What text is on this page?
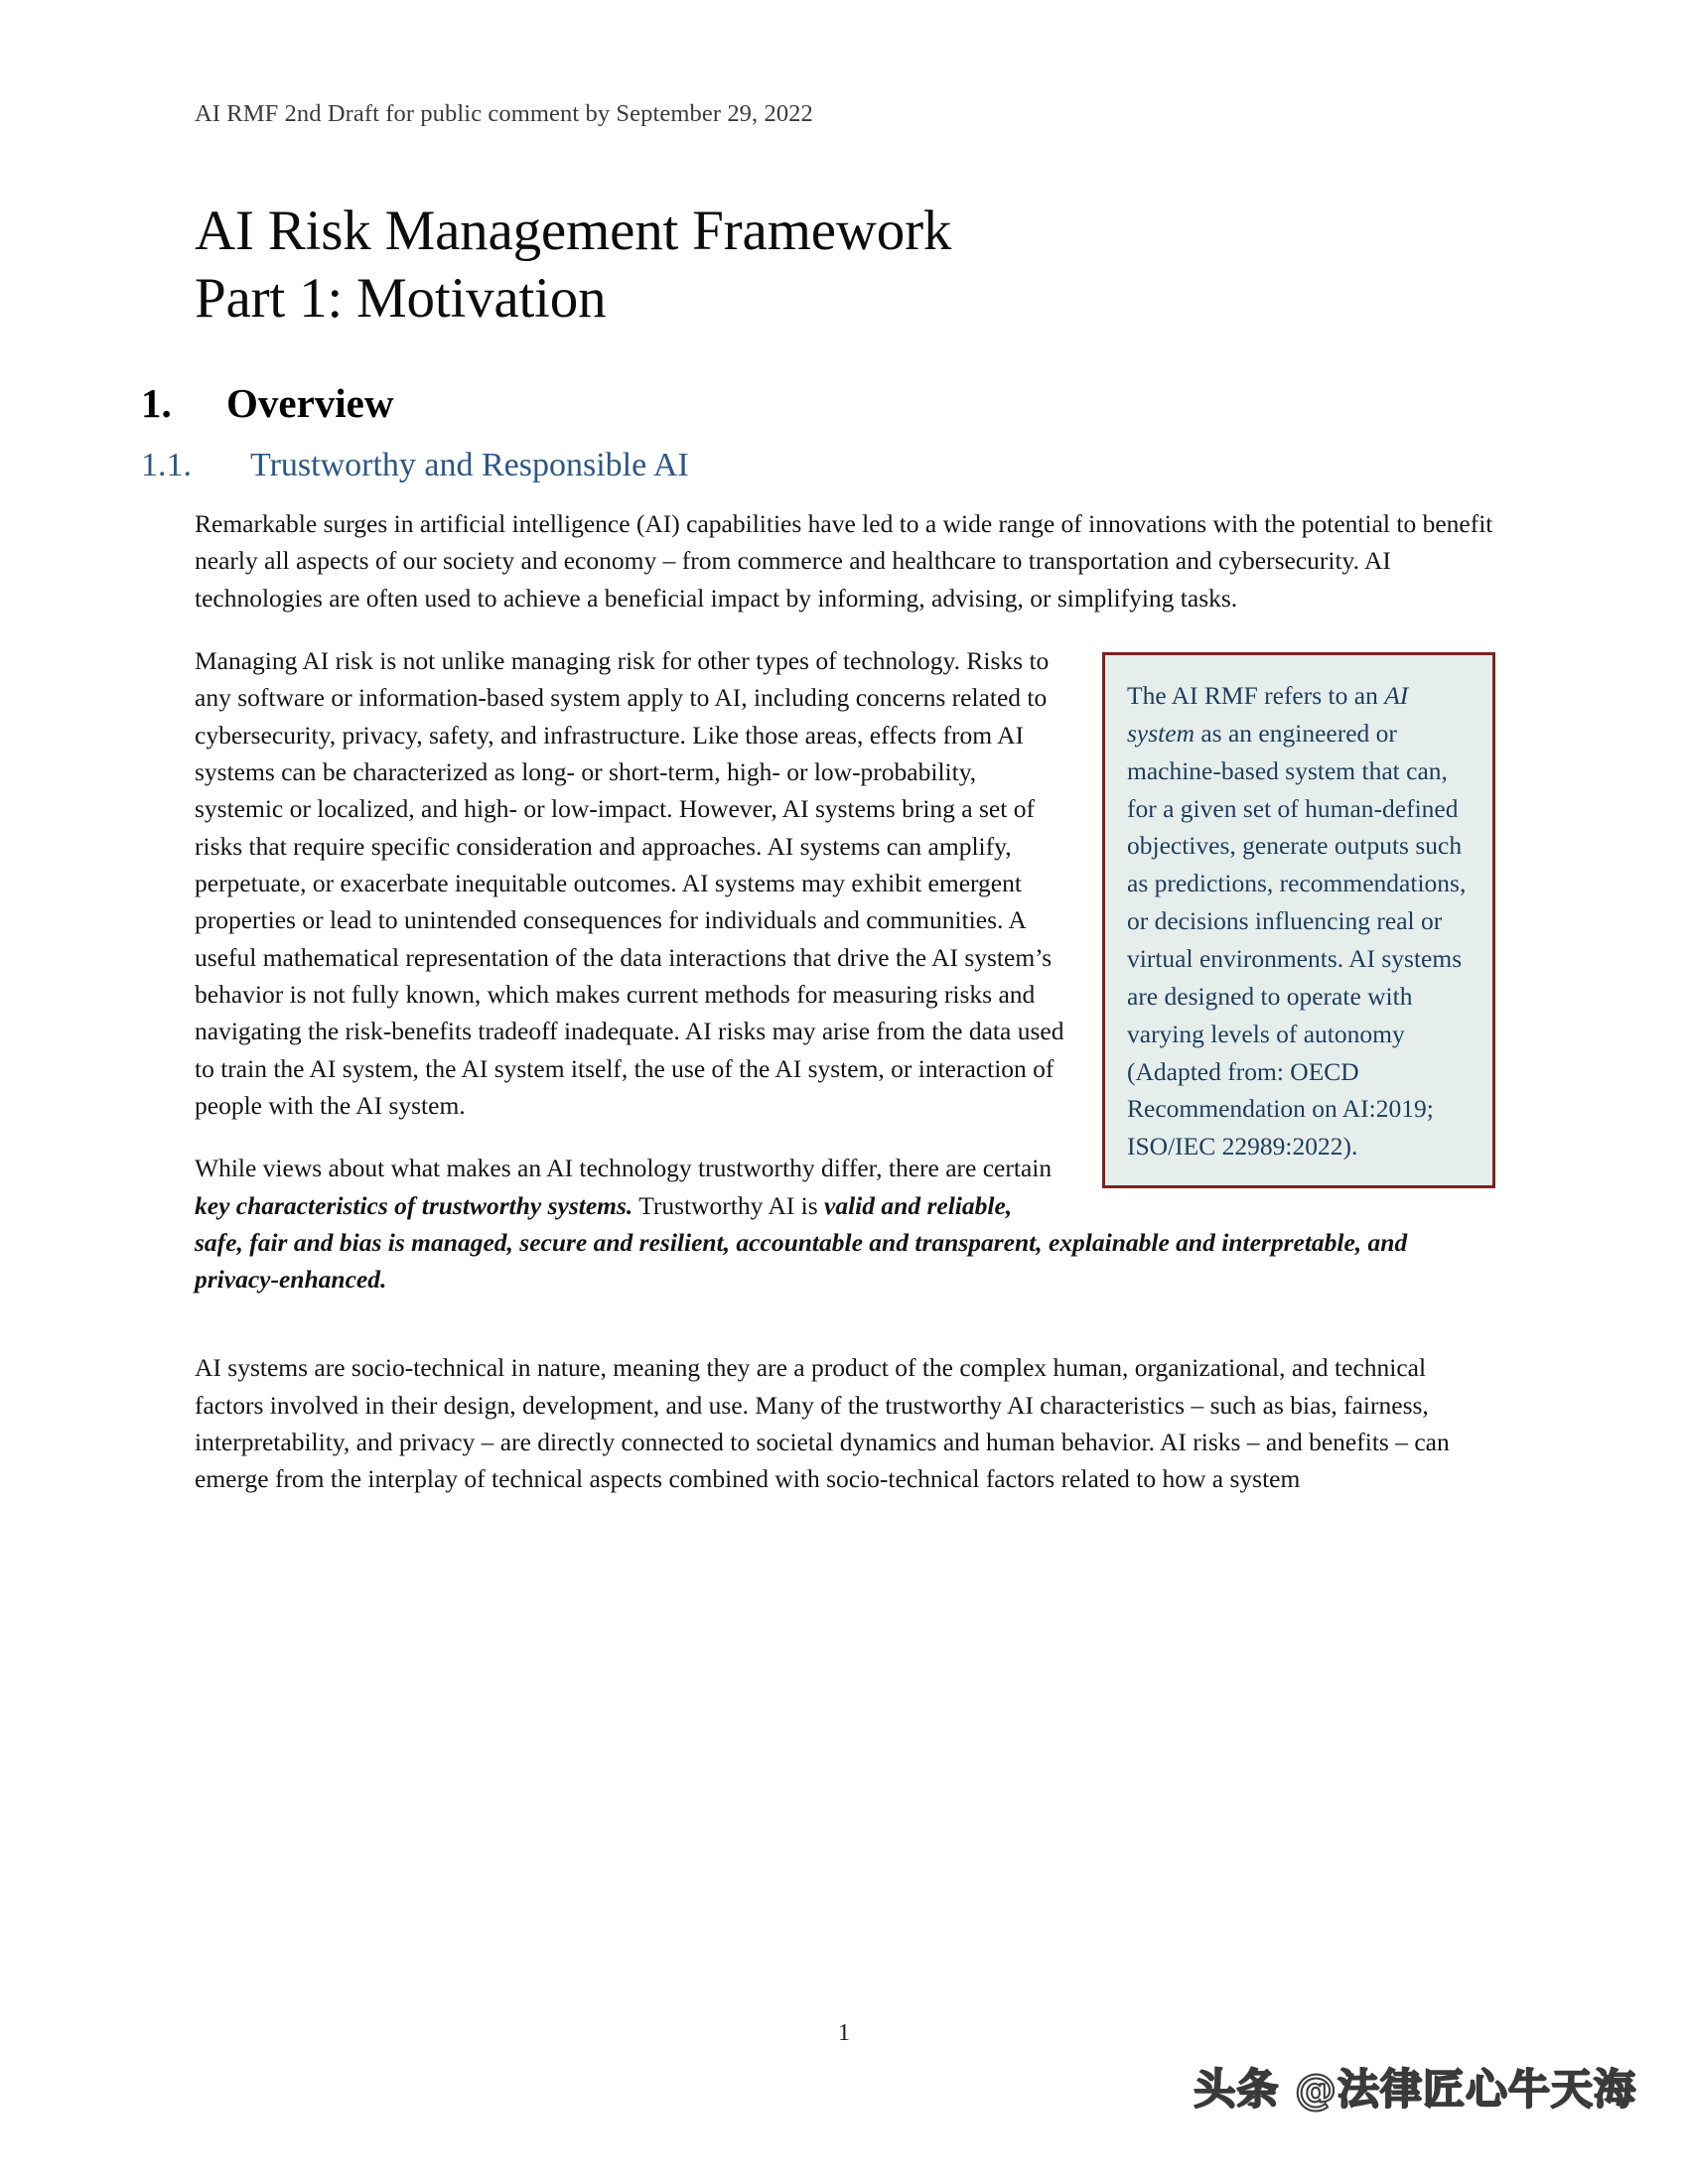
AI RMF 2nd Draft for public comment by September 29, 2022
AI Risk Management Framework
Part 1: Motivation
1.	Overview
1.1.	Trustworthy and Responsible AI

Remarkable surges in artificial intelligence (AI) capabilities have led to a wide range of innovations with the potential to benefit nearly all aspects of our society and economy – from commerce and healthcare to transportation and cybersecurity. AI technologies are often used to achieve a beneficial impact by informing, advising, or simplifying tasks.

The AI RMF refers to an AI system as an engineered or machine-based system that can, for a given set of human-defined objectives, generate outputs such as predictions, recommendations, or decisions influencing real or virtual environments. AI systems are designed to operate with varying levels of autonomy (Adapted from: OECD Recommendation on AI:2019; ISO/IEC 22989:2022).

Managing AI risk is not unlike managing risk for other types of technology. Risks to any software or information-based system apply to AI, including concerns related to cybersecurity, privacy, safety, and infrastructure. Like those areas, effects from AI systems can be characterized as long- or short-term, high- or low-probability, systemic or localized, and high- or low-impact. However, AI systems bring a set of risks that require specific consideration and approaches. AI systems can amplify, perpetuate, or exacerbate inequitable outcomes. AI systems may exhibit emergent properties or lead to unintended consequences for individuals and communities. A useful mathematical representation of the data interactions that drive the AI system’s behavior is not fully known, which makes current methods for measuring risks and navigating the risk-benefits tradeoff inadequate. AI risks may arise from the data used to train the AI system, the AI system itself, the use of the AI system, or interaction of people with the AI system.

While views about what makes an AI technology trustworthy differ, there are certain key characteristics of trustworthy systems. Trustworthy AI is valid and reliable, safe, fair and bias is managed, secure and resilient, accountable and transparent, explainable and interpretable, and privacy-enhanced.

AI systems are socio-technical in nature, meaning they are a product of the complex human, organizational, and technical factors involved in their design, development, and use. Many of the trustworthy AI characteristics – such as bias, fairness, interpretability, and privacy – are directly connected to societal dynamics and human behavior. AI risks – and benefits – can emerge from the interplay of technical aspects combined with socio-technical factors related to how a system

1
头条 @法律匠心牛天海
